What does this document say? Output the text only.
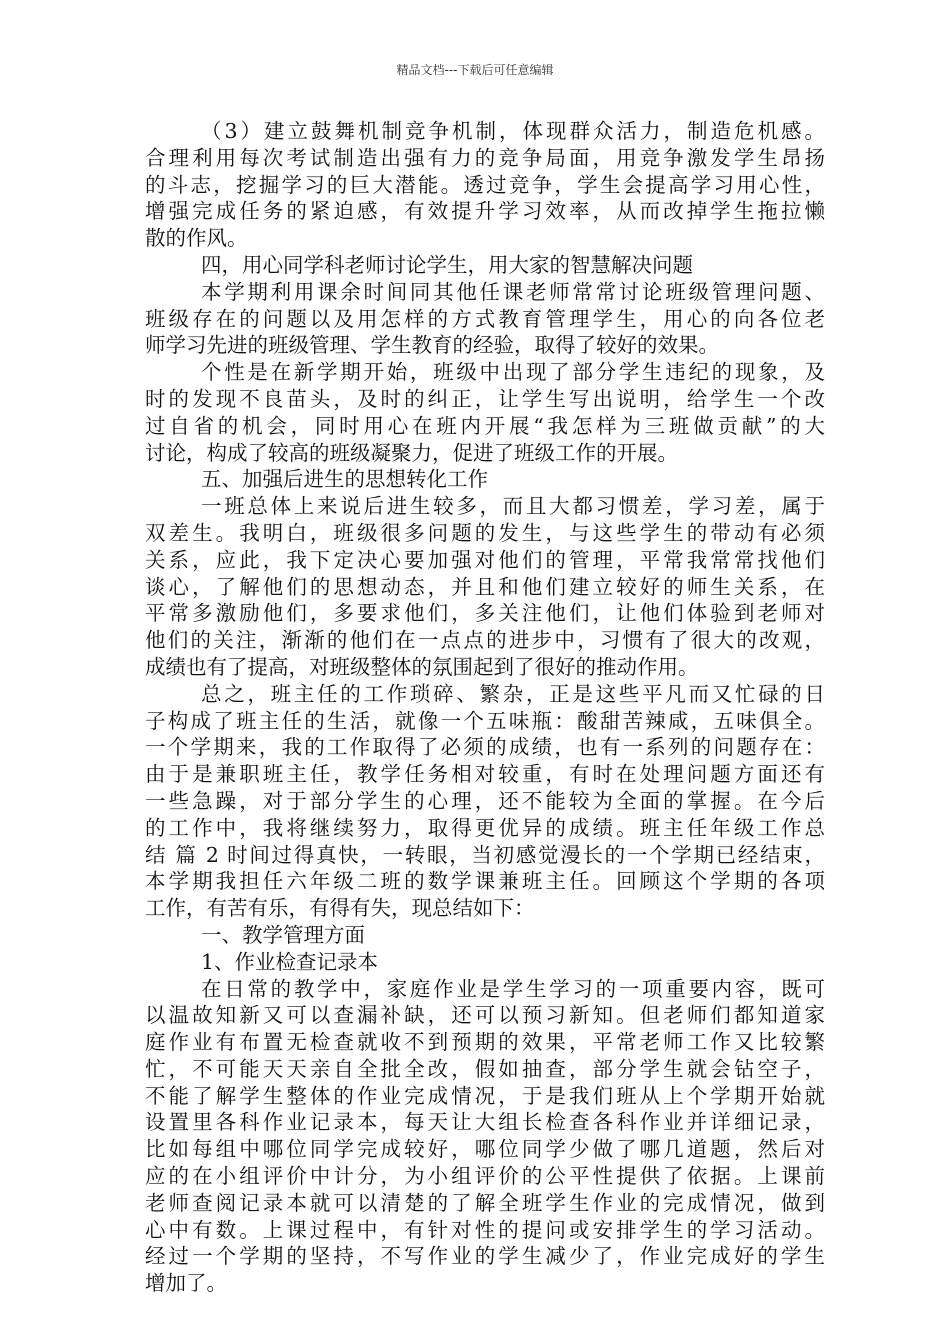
精品文档---下载后可任意编辑
（3）建立鼓舞机制竞争机制，体现群众活力，制造危机感。
合理利用每次考试制造出强有力的竞争局面，用竞争激发学生昂扬
的斗志，挖掘学习的巨大潜能。透过竞争，学生会提高学习用心性，
增强完成任务的紧迫感，有效提升学习效率，从而改掉学生拖拉懒
散的作风。
四，用心同学科老师讨论学生，用大家的智慧解决问题
本学期利用课余时间同其他任课老师常常讨论班级管理问题、
班级存在的问题以及用怎样的方式教育管理学生，用心的向各位老
师学习先进的班级管理、学生教育的经验，取得了较好的效果。
个性是在新学期开始，班级中出现了部分学生违纪的现象，及
时的发现不良苗头，及时的纠正，让学生写出说明，给学生一个改
过自省的机会，同时用心在班内开展“我怎样为三班做贡献”的大
讨论，构成了较高的班级凝聚力，促进了班级工作的开展。
五、加强后进生的思想转化工作
一班总体上来说后进生较多，而且大都习惯差，学习差，属于
双差生。我明白，班级很多问题的发生，与这些学生的带动有必须
关系，应此，我下定决心要加强对他们的管理，平常我常常找他们
谈心，了解他们的思想动态，并且和他们建立较好的师生关系，在
平常多激励他们，多要求他们，多关注他们，让他们体验到老师对
他们的关注，渐渐的他们在一点点的进步中，习惯有了很大的改观，
成绩也有了提高，对班级整体的氛围起到了很好的推动作用。
总之，班主任的工作琐碎、繁杂，正是这些平凡而又忙碌的日
子构成了班主任的生活，就像一个五味瓶：酸甜苦辣咸，五味俱全。
一个学期来，我的工作取得了必须的成绩，也有一系列的问题存在：
由于是兼职班主任，教学任务相对较重，有时在处理问题方面还有
一些急躁，对于部分学生的心理，还不能较为全面的掌握。在今后
的工作中，我将继续努力，取得更优异的成绩。班主任年级工作总
结 篇 2 时间过得真快，一转眼，当初感觉漫长的一个学期已经结束，
本学期我担任六年级二班的数学课兼班主任。回顾这个学期的各项
工作，有苦有乐，有得有失，现总结如下：
一、教学管理方面
1、作业检查记录本
在日常的教学中，家庭作业是学生学习的一项重要内容，既可
以温故知新又可以查漏补缺，还可以预习新知。但老师们都知道家
庭作业有布置无检查就收不到预期的效果，平常老师工作又比较繁
忙，不可能天天亲自全批全改，假如抽查，部分学生就会钻空子，
不能了解学生整体的作业完成情况，于是我们班从上个学期开始就
设置里各科作业记录本，每天让大组长检查各科作业并详细记录，
比如每组中哪位同学完成较好，哪位同学少做了哪几道题，然后对
应的在小组评价中计分，为小组评价的公平性提供了依据。上课前
老师查阅记录本就可以清楚的了解全班学生作业的完成情况，做到
心中有数。上课过程中，有针对性的提问或安排学生的学习活动。
经过一个学期的坚持，不写作业的学生减少了，作业完成好的学生
增加了。
